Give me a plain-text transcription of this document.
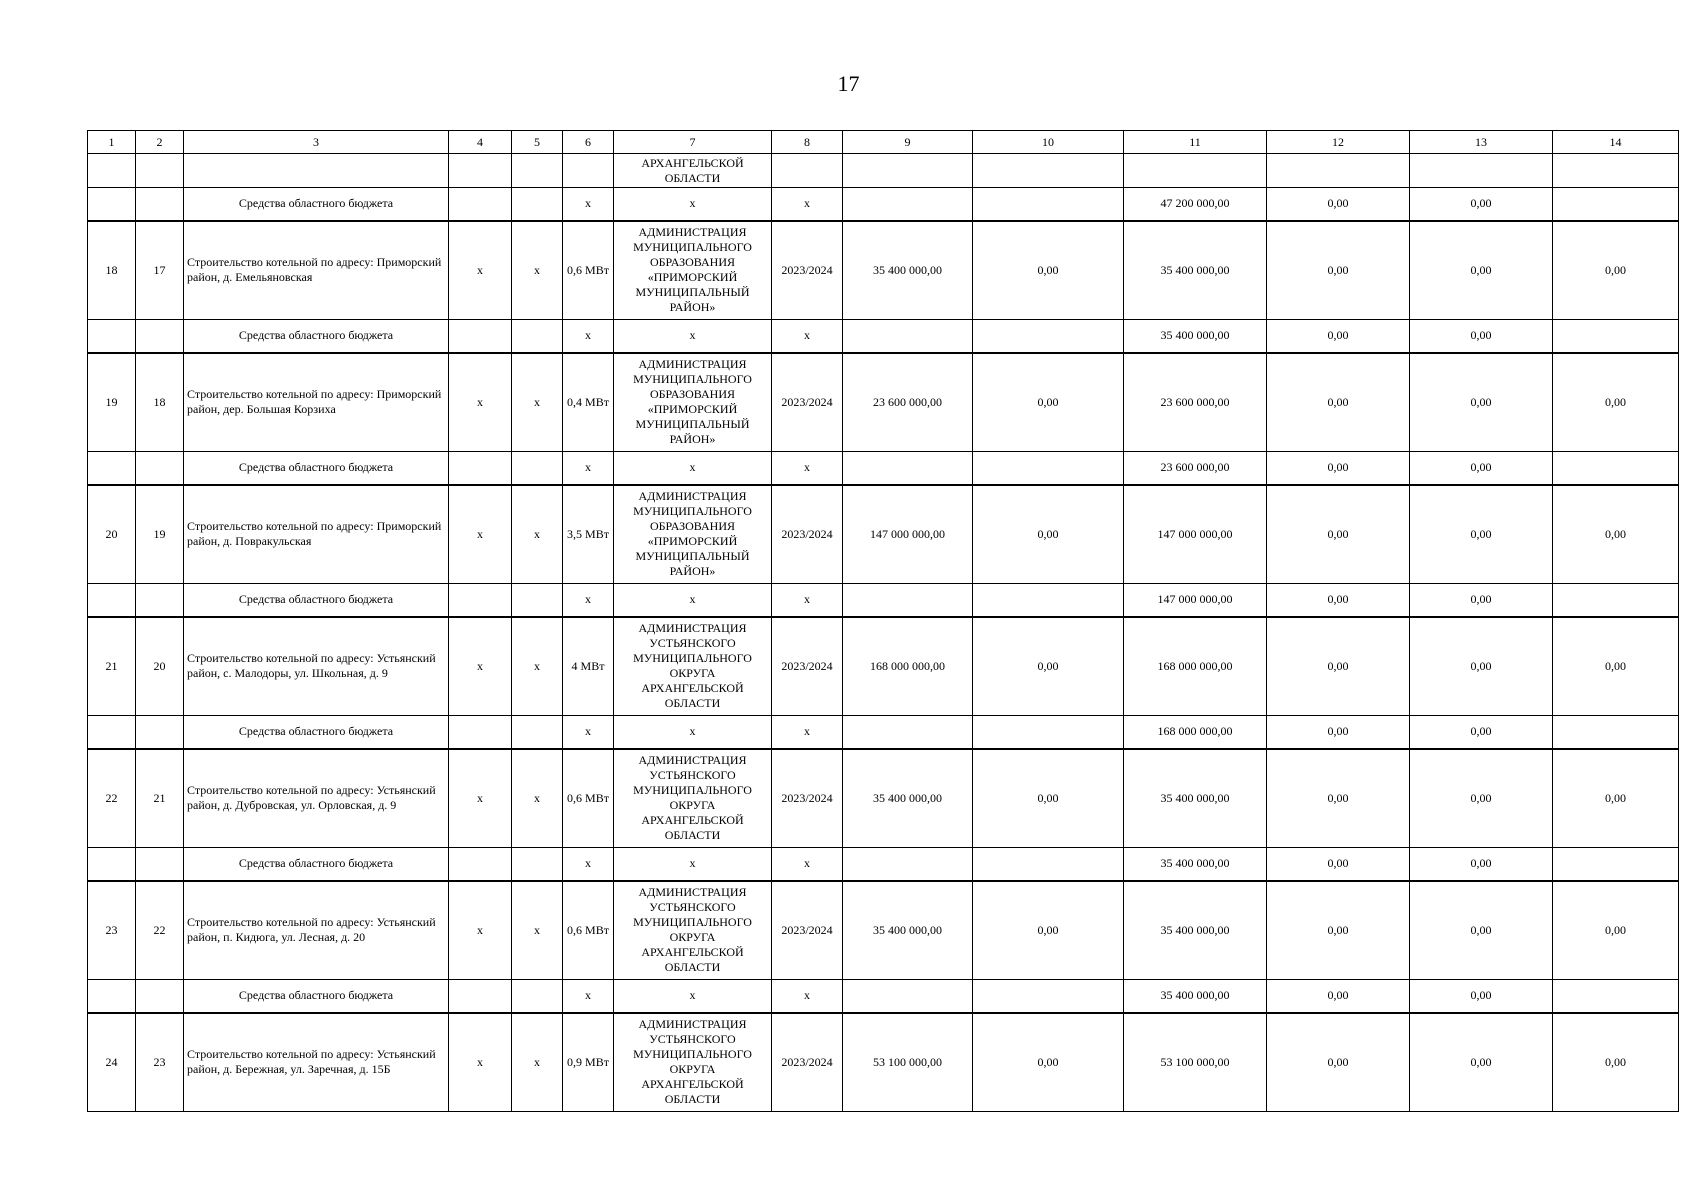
17
1	2	3	4	5	6	7	8	9	10	11	12	13	14
						АРХАНГЕЛЬСКОЙ ОБЛАСТИ							
		Средства областного бюджета			х	х	х			47 200 000,00	0,00	0,00	
18	17	Строительство котельной по адресу: Приморский район, д. Емельяновская	х	х	0,6 МВт	АДМИНИСТРАЦИЯ МУНИЦИПАЛЬНОГО ОБРАЗОВАНИЯ «ПРИМОРСКИЙ МУНИЦИПАЛЬНЫЙ РАЙОН»	2023/2024	35 400 000,00	0,00	35 400 000,00	0,00	0,00	0,00
		Средства областного бюджета			х	х	х			35 400 000,00	0,00	0,00	
19	18	Строительство котельной по адресу: Приморский район, дер. Большая Корзиха	х	х	0,4 МВт	АДМИНИСТРАЦИЯ МУНИЦИПАЛЬНОГО ОБРАЗОВАНИЯ «ПРИМОРСКИЙ МУНИЦИПАЛЬНЫЙ РАЙОН»	2023/2024	23 600 000,00	0,00	23 600 000,00	0,00	0,00	0,00
		Средства областного бюджета			х	х	х			23 600 000,00	0,00	0,00	
20	19	Строительство котельной по адресу: Приморский район, д. Повракульская	х	х	3,5 МВт	АДМИНИСТРАЦИЯ МУНИЦИПАЛЬНОГО ОБРАЗОВАНИЯ «ПРИМОРСКИЙ МУНИЦИПАЛЬНЫЙ РАЙОН»	2023/2024	147 000 000,00	0,00	147 000 000,00	0,00	0,00	0,00
		Средства областного бюджета			х	х	х			147 000 000,00	0,00	0,00	
21	20	Строительство котельной по адресу: Устьянский район, с. Малодоры, ул. Школьная, д. 9	х	х	4 МВт	АДМИНИСТРАЦИЯ УСТЬЯНСКОГО МУНИЦИПАЛЬНОГО ОКРУГА АРХАНГЕЛЬСКОЙ ОБЛАСТИ	2023/2024	168 000 000,00	0,00	168 000 000,00	0,00	0,00	0,00
		Средства областного бюджета			х	х	х			168 000 000,00	0,00	0,00	
22	21	Строительство котельной по адресу: Устьянский район, д. Дубровская, ул. Орловская, д. 9	х	х	0,6 МВт	АДМИНИСТРАЦИЯ УСТЬЯНСКОГО МУНИЦИПАЛЬНОГО ОКРУГА АРХАНГЕЛЬСКОЙ ОБЛАСТИ	2023/2024	35 400 000,00	0,00	35 400 000,00	0,00	0,00	0,00
		Средства областного бюджета			х	х	х			35 400 000,00	0,00	0,00	
23	22	Строительство котельной по адресу: Устьянский район, п. Кидюга, ул. Лесная, д. 20	х	х	0,6 МВт	АДМИНИСТРАЦИЯ УСТЬЯНСКОГО МУНИЦИПАЛЬНОГО ОКРУГА АРХАНГЕЛЬСКОЙ ОБЛАСТИ	2023/2024	35 400 000,00	0,00	35 400 000,00	0,00	0,00	0,00
		Средства областного бюджета			х	х	х			35 400 000,00	0,00	0,00	
24	23	Строительство котельной по адресу: Устьянский район, д. Бережная, ул. Заречная, д. 15Б	х	х	0,9 МВт	АДМИНИСТРАЦИЯ УСТЬЯНСКОГО МУНИЦИПАЛЬНОГО ОКРУГА АРХАНГЕЛЬСКОЙ ОБЛАСТИ	2023/2024	53 100 000,00	0,00	53 100 000,00	0,00	0,00	0,00
